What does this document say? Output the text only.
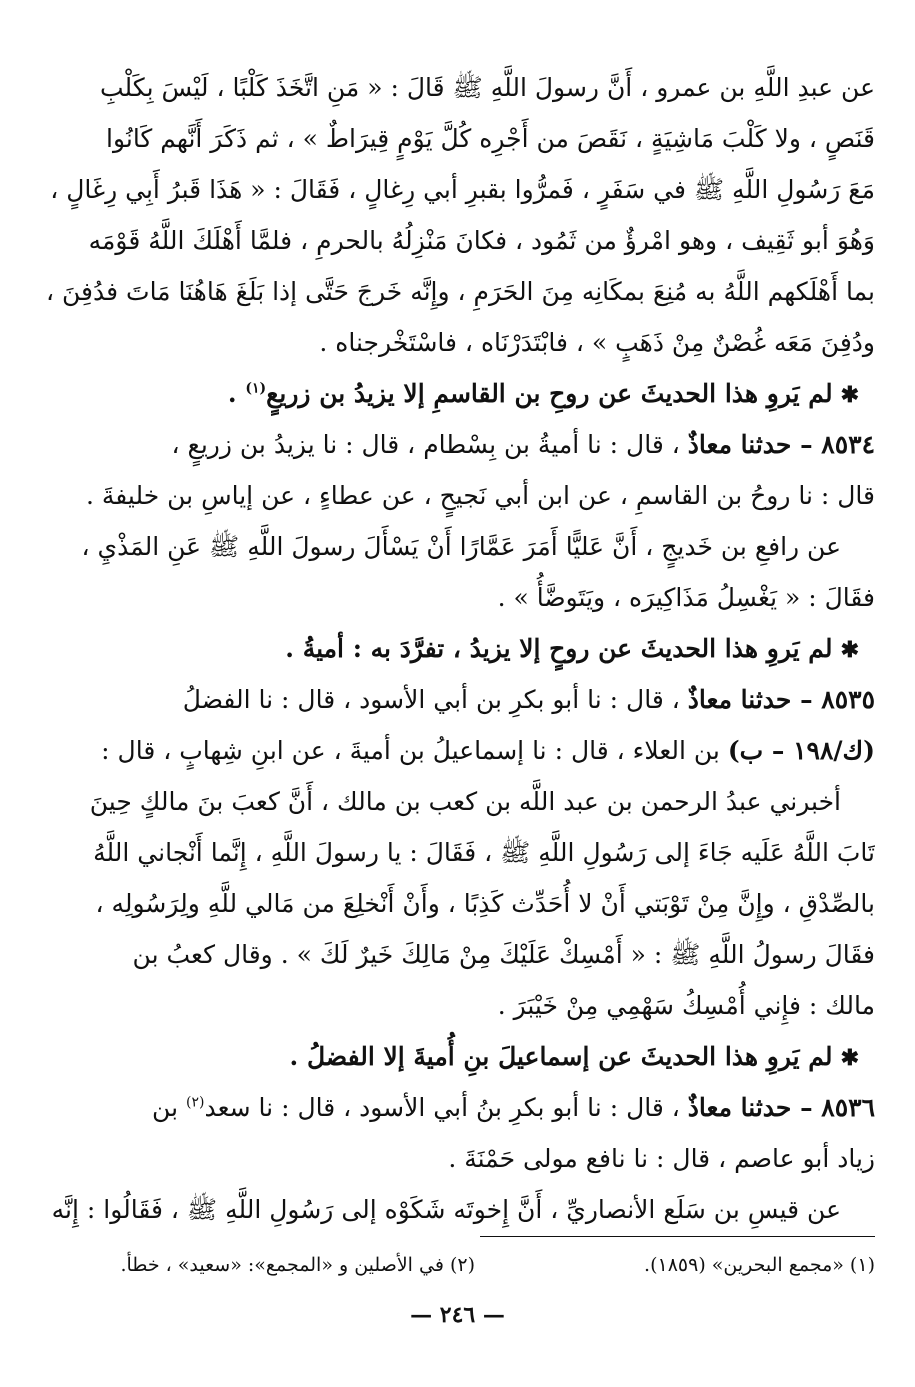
عن عبدِ اللَّهِ بن عمرو ، أَنَّ رسولَ اللَّهِ ﷺ قَالَ : « مَنِ اتَّخَذَ كَلْبًا ، لَيْسَ بِكَلْبِ
قَنَصٍ ، ولا كَلْبَ مَاشِيَةٍ ، نَقَصَ من أَجْرِه كُلَّ يَوْمٍ قِيرَاطٌ » ، ثم ذَكَرَ أَنَّهم كَانُوا
مَعَ رَسُولِ اللَّهِ ﷺ في سَفَرٍ ، فَمرُّوا بقبرِ أبي رِغالٍ ، فَقَالَ : « هَذَا قَبرُ أَبِي رِغَالٍ ،
وَهُوَ أبو ثَقِيف ، وهو امْرؤٌ من ثَمُود ، فكانَ مَنْزِلُهُ بالحرمِ ، فلمَّا أَهْلَكَ اللَّهُ قَوْمَه
بما أَهْلَكهم اللَّهُ به مُنِعَ بمكَانِه مِنَ الحَرَمِ ، وإِنَّه خَرجَ حَتَّى إذا بَلَغَ هَاهُنَا مَاتَ فدُفِنَ ،
ودُفِنَ مَعَه غُصْنٌ مِنْ ذَهَبٍ » ، فابْتَدَرْنَاه ، فاسْتَخْرجناه .
✱لم يَروِ هذا الحديثَ عن روحِ بن القاسمِ إلا يزيدُ بن زريعٍ$^{(١)}$ .
٨٥٣٤ – حدثنا معاذٌ ، قال : نا أميةُ بن بِسْطام ، قال : نا يزيدُ بن زريعٍ ،
قال : نا روحُ بن القاسمِ ، عن ابن أبي نَجيحٍ ، عن عطاءٍ ، عن إياسِ بن خليفةَ .
عن رافعِ بن خَديجٍ ، أَنَّ عَليًّا أَمَرَ عَمَّارًا أَنْ يَسْأَلَ رسولَ اللَّهِ ﷺ عَنِ المَذْيِ ،
فقَالَ : « يَغْسِلُ مَذَاكِيرَه ، ويَتَوضَّأُ » .
✱لم يَروِ هذا الحديثَ عن روحٍ إلا يزيدُ ، تفرَّدَ به : أميةُ .
٨٥٣٥ – حدثنا معاذٌ ، قال : نا أبو بكرِ بن أبي الأسود ، قال : نا الفضلُ
(ك/١٩٨ – ب) بن العلاء ، قال : نا إسماعيلُ بن أميةَ ، عن ابنِ شِهابٍ ، قال :
أخبرني عبدُ الرحمن بن عبد اللَّه بن كعب بن مالك ، أَنَّ كعبَ بنَ مالكٍ حِينَ
تَابَ اللَّهُ عَلَيه جَاءَ إلى رَسُولِ اللَّهِ ﷺ ، فَقَالَ : يا رسولَ اللَّهِ ، إِنَّما أَنْجاني اللَّهُ
بالصِّدْقِ ، وإِنَّ مِنْ تَوْبَتي أَنْ لا أُحَدِّث كَذِبًا ، وأَنْ أَنْخلِعَ من مَالي للَّهِ ولِرَسُولِه ،
فقَالَ رسولُ اللَّهِ ﷺ : « أَمْسِكْ عَلَيْكَ مِنْ مَالِكَ خَيرٌ لَكَ » . وقال كعبُ بن
مالك : فإِني أُمْسِكُ سَهْمِي مِنْ خَيْبَرَ .
✱لم يَروِ هذا الحديثَ عن إسماعيلَ بنِ أُميةَ إلا الفضلُ .
٨٥٣٦ – حدثنا معاذٌ ، قال : نا أبو بكرِ بنُ أبي الأسود ، قال : نا سعد$^{(٢)}$ بن
زياد أبو عاصم ، قال : نا نافع مولى حَمْنَةَ .
عن قيسِ بن سَلَع الأنصاريِّ ، أَنَّ إِخوتَه شَكَوْه إلى رَسُولِ اللَّهِ ﷺ ، فَقَالُوا : إِنَّه
(١) «مجمع البحرين» (١٨٥٩).
(٢) في الأصلين و «المجمع»: «سعيد» ، خطأ.
— ٢٤٦ —
